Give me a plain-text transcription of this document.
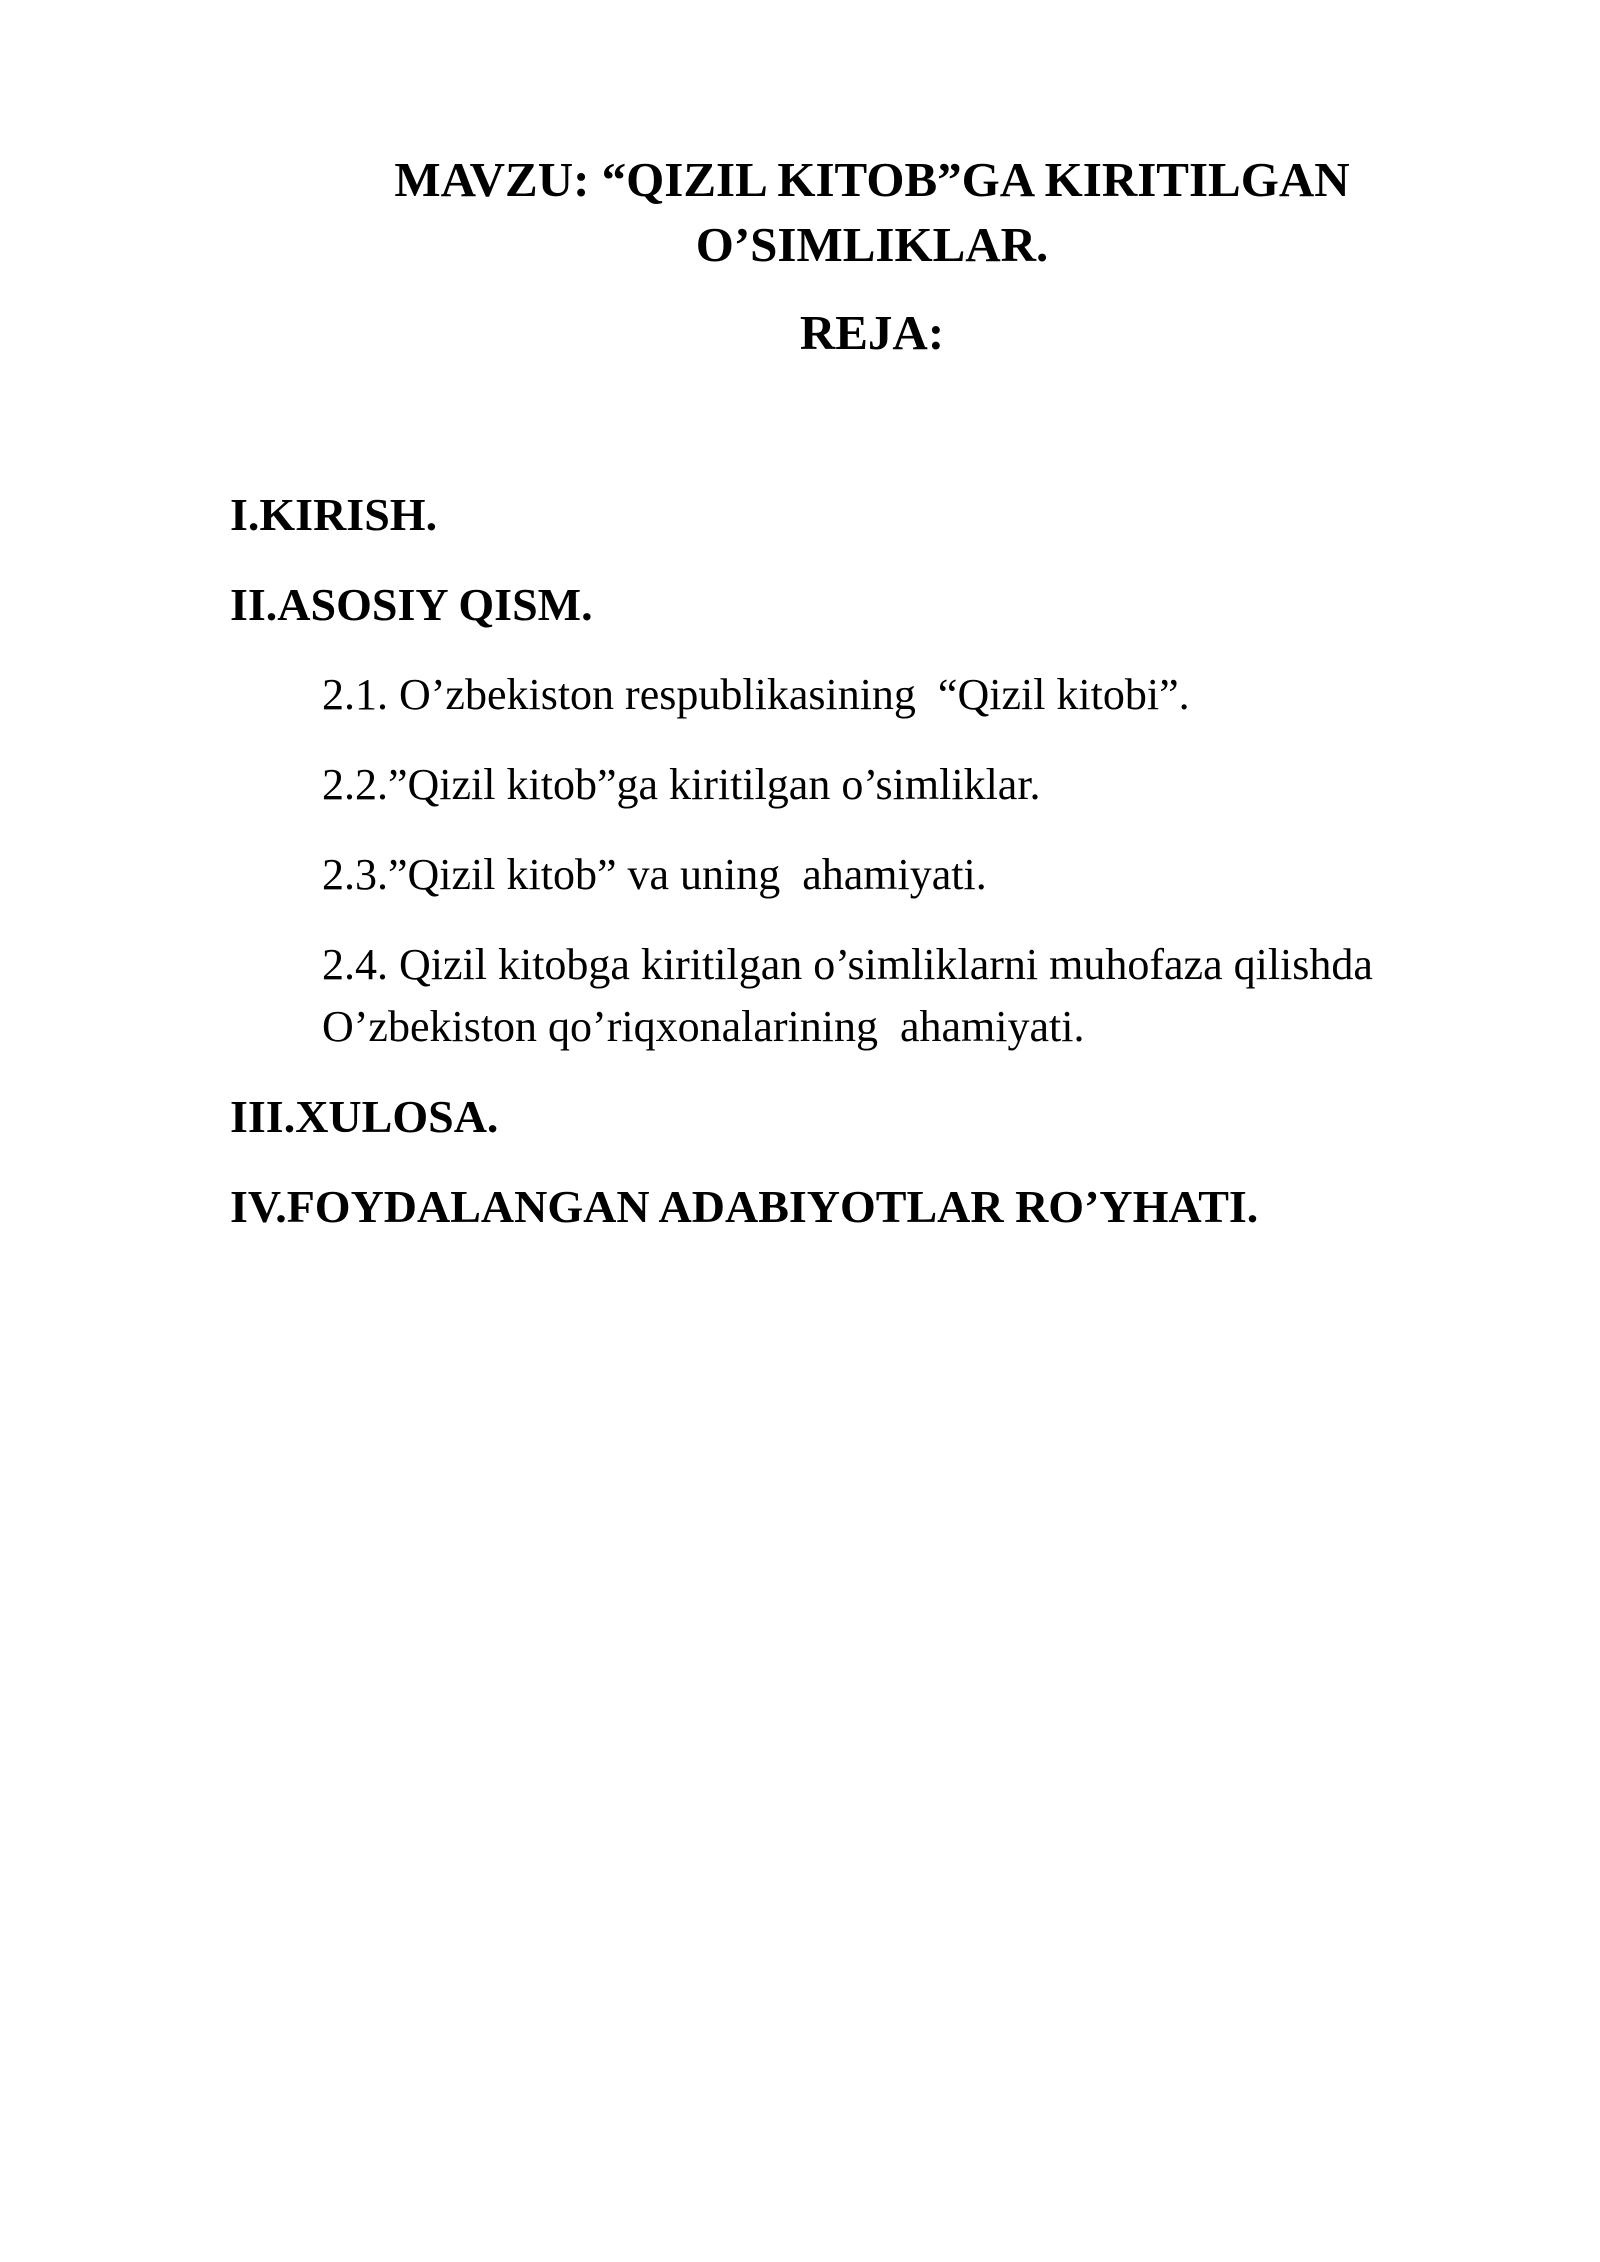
MAVZU: “QIZIL KITOB”GA KIRITILGAN
O’SIMLIKLAR.
REJA:

I.KIRISH.

II.ASOSIY QISM.

2.1. O’zbekiston respublikasining  “Qizil kitobi”.

2.2.”Qizil kitob”ga kiritilgan o’simliklar.

2.3.”Qizil kitob” va uning  ahamiyati.

2.4. Qizil kitobga kiritilgan o’simliklarni muhofaza qilishda
O’zbekiston qo’riqxonalarining  ahamiyati.

III.XULOSA.

IV.FOYDALANGAN ADABIYOTLAR RO’YHATI.
